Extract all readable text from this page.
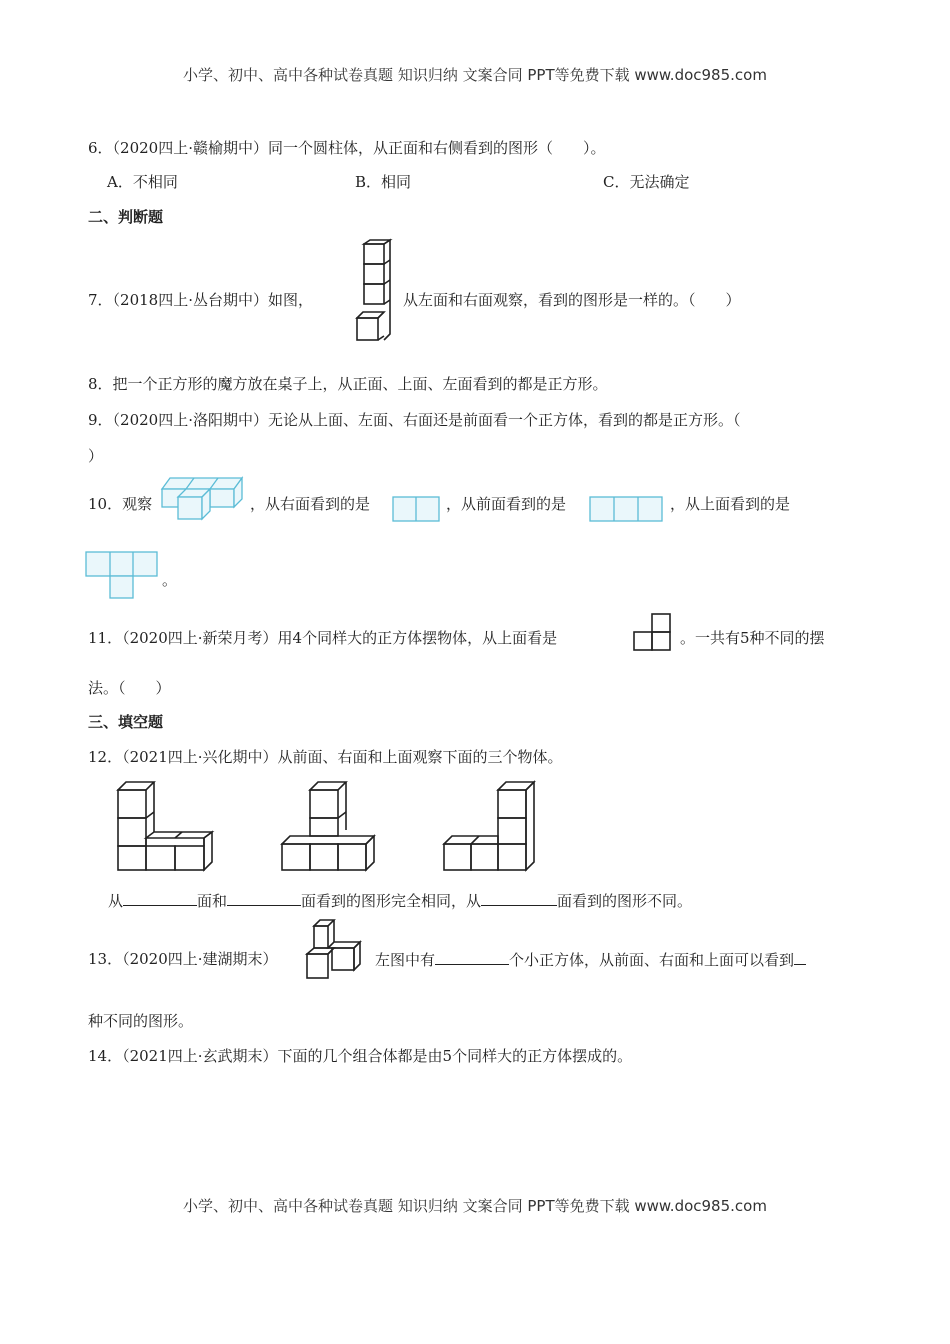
小学、初中、高中各种试卷真题 知识归纳 文案合同 PPT等免费下载 www.doc985.com
6．（2020四上·赣榆期中）同一个圆柱体，从正面和右侧看到的图形（　　）。
A．不相同	B．相同	C．无法确定
二、判断题
7．（2018四上·丛台期中）如图，	从左面和右面观察，看到的图形是一样的。（　　）
8．把一个正方形的魔方放在桌子上，从正面、上面、左面看到的都是正方形。
9．（2020四上·洛阳期中）无论从上面、左面、右面还是前面看一个正方体，看到的都是正方形。（
）
10．观察	，从右面看到的是	，从前面看到的是	，从上面看到的是
。
11．（2020四上·新荣月考）用4个同样大的正方体摆物体，从上面看是	。一共有5种不同的摆
法。（　　）
三、填空题
12．（2021四上·兴化期中）从前面、右面和上面观察下面的三个物体。
从	面和	面看到的图形完全相同，从	面看到的图形不同。
13．（2020四上·建湖期末）	左图中有	个小正方体，从前面、右面和上面可以看到
种不同的图形。
14．（2021四上·玄武期末）下面的几个组合体都是由5个同样大的正方体摆成的。
小学、初中、高中各种试卷真题 知识归纳 文案合同 PPT等免费下载 www.doc985.com
